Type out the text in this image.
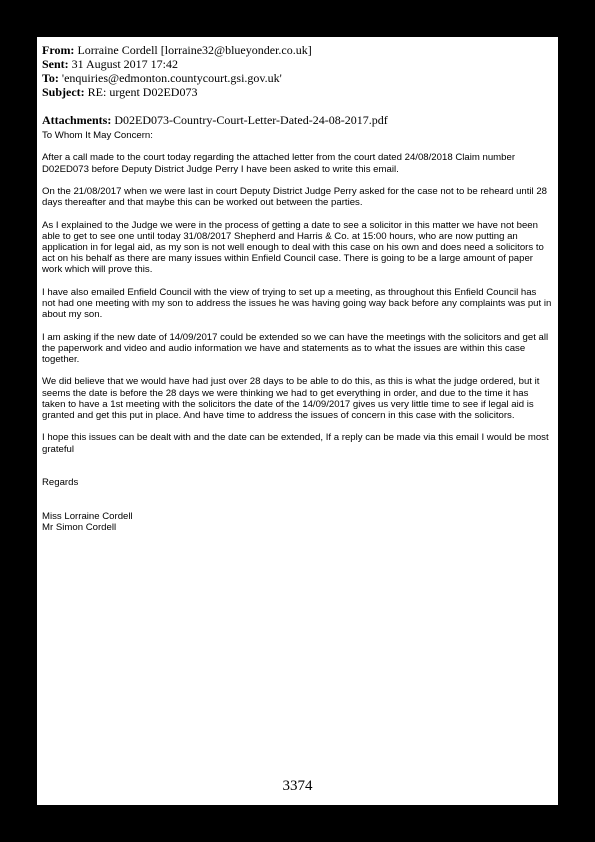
From: Lorraine Cordell [lorraine32@blueyonder.co.uk]
Sent: 31 August 2017 17:42
To: 'enquiries@edmonton.countycourt.gsi.gov.uk'
Subject: RE: urgent D02ED073
Attachments: D02ED073-Country-Court-Letter-Dated-24-08-2017.pdf

To Whom It May Concern:

After a call made to the court today regarding the attached letter from the court dated 24/08/2018 Claim number D02ED073 before Deputy District Judge Perry I have been asked to write this email.

On the 21/08/2017 when we were last in court Deputy District Judge Perry asked for the case not to be reheard until 28 days thereafter and that maybe this can be worked out between the parties.

As I explained to the Judge we were in the process of getting a date to see a solicitor in this matter we have not been able to get to see one until today 31/08/2017 Shepherd and Harris & Co. at 15:00 hours, who are now putting an application in for legal aid, as my son is not well enough to deal with this case on his own and does need a solicitors to act on his behalf as there are many issues within Enfield Council case. There is going to be a large amount of paper work which will prove this.

I have also emailed Enfield Council with the view of trying to set up a meeting, as throughout this Enfield Council has not had one meeting with my son to address the issues he was having going way back before any complaints was put in about my son.

I am asking if the new date of 14/09/2017 could be extended so we can have the meetings with the solicitors and get all the paperwork and video and audio information we have and statements as to what the issues are within this case together.

We did believe that we would have had just over 28 days to be able to do this, as this is what the judge ordered, but it seems the date is before the 28 days we were thinking we had to get everything in order, and due to the time it has taken to have a 1st meeting with the solicitors the date of the 14/09/2017 gives us very little time to see if legal aid is granted and get this put in place. And have time to address the issues of concern in this case with the solicitors.

I hope this issues can be dealt with and the date can be extended, If a reply can be made via this email I would be most grateful

Regards

Miss Lorraine Cordell

Mr Simon Cordell

3374
